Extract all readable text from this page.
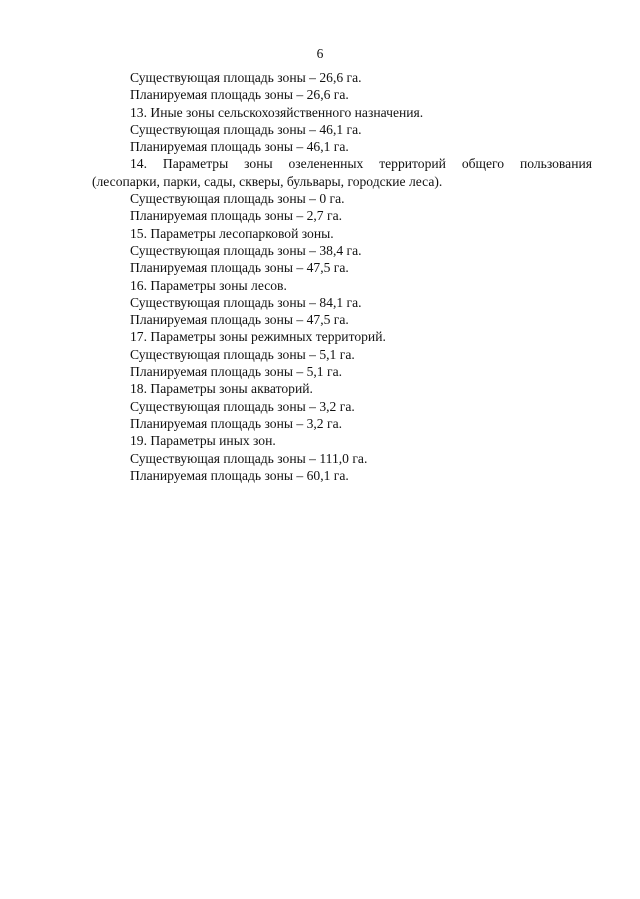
6
Существующая площадь зоны – 26,6 га.
Планируемая площадь зоны – 26,6 га.
13. Иные зоны сельскохозяйственного назначения.
Существующая площадь зоны – 46,1 га.
Планируемая площадь зоны – 46,1 га.
14. Параметры зоны озелененных территорий общего пользования
(лесопарки, парки, сады, скверы, бульвары, городские леса).
Существующая площадь зоны – 0 га.
Планируемая площадь зоны – 2,7 га.
15. Параметры лесопарковой зоны.
Существующая площадь зоны – 38,4 га.
Планируемая площадь зоны – 47,5 га.
16. Параметры зоны лесов.
Существующая площадь зоны – 84,1 га.
Планируемая площадь зоны – 47,5 га.
17. Параметры зоны режимных территорий.
Существующая площадь зоны – 5,1 га.
Планируемая площадь зоны – 5,1 га.
18. Параметры зоны акваторий.
Существующая площадь зоны – 3,2 га.
Планируемая площадь зоны – 3,2 га.
19. Параметры иных зон.
Существующая площадь зоны – 111,0 га.
Планируемая площадь зоны – 60,1 га.
